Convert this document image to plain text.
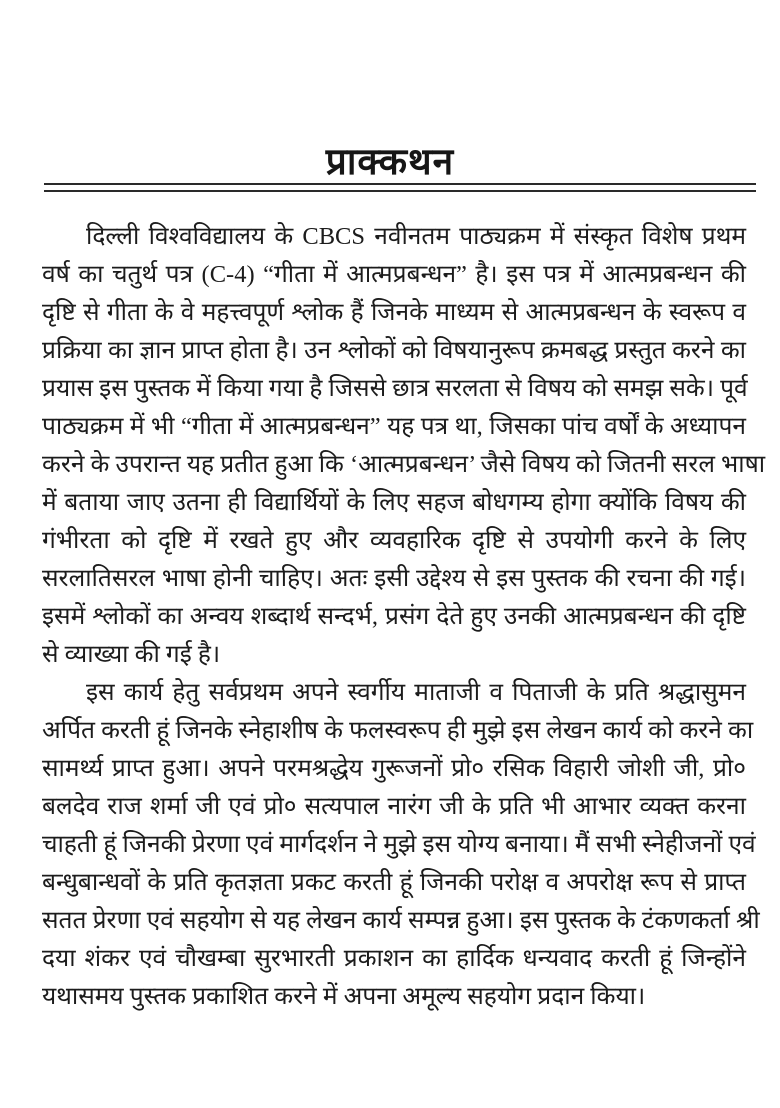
प्राक्कथन
दिल्ली विश्वविद्यालय के CBCS नवीनतम पाठ्यक्रम में संस्कृत विशेष प्रथम
वर्ष का चतुर्थ पत्र (C-4) “गीता में आत्मप्रबन्धन” है। इस पत्र में आत्मप्रबन्धन की
दृष्टि से गीता के वे महत्त्वपूर्ण श्लोक हैं जिनके माध्यम से आत्मप्रबन्धन के स्वरूप व
प्रक्रिया का ज्ञान प्राप्त होता है। उन श्लोकों को विषयानुरूप क्रमबद्ध प्रस्तुत करने का
प्रयास इस पुस्तक में किया गया है जिससे छात्र सरलता से विषय को समझ सके। पूर्व
पाठ्यक्रम में भी “गीता में आत्मप्रबन्धन” यह पत्र था, जिसका पांच वर्षों के अध्यापन
करने के उपरान्त यह प्रतीत हुआ कि ‘आत्मप्रबन्धन’ जैसे विषय को जितनी सरल भाषा
में बताया जाए उतना ही विद्यार्थियों के लिए सहज बोधगम्य होगा क्योंकि विषय की
गंभीरता को दृष्टि में रखते हुए और व्यवहारिक दृष्टि से उपयोगी करने के लिए
सरलातिसरल भाषा होनी चाहिए। अतः इसी उद्देश्य से इस पुस्तक की रचना की गई।
इसमें श्लोकों का अन्वय शब्दार्थ सन्दर्भ, प्रसंग देते हुए उनकी आत्मप्रबन्धन की दृष्टि
से व्याख्या की गई है।
इस कार्य हेतु सर्वप्रथम अपने स्वर्गीय माताजी व पिताजी के प्रति श्रद्धासुमन
अर्पित करती हूं जिनके स्नेहाशीष के फलस्वरूप ही मुझे इस लेखन कार्य को करने का
सामर्थ्य प्राप्त हुआ। अपने परमश्रद्धेय गुरूजनों प्रो० रसिक विहारी जोशी जी, प्रो०
बलदेव राज शर्मा जी एवं प्रो० सत्यपाल नारंग जी के प्रति भी आभार व्यक्त करना
चाहती हूं जिनकी प्रेरणा एवं मार्गदर्शन ने मुझे इस योग्य बनाया। मैं सभी स्नेहीजनों एवं
बन्धुबान्धवों के प्रति कृतज्ञता प्रकट करती हूं जिनकी परोक्ष व अपरोक्ष रूप से प्राप्त
सतत प्रेरणा एवं सहयोग से यह लेखन कार्य सम्पन्न हुआ। इस पुस्तक के टंकणकर्ता श्री
दया शंकर एवं चौखम्बा सुरभारती प्रकाशन का हार्दिक धन्यवाद करती हूं जिन्होंने
यथासमय पुस्तक प्रकाशित करने में अपना अमूल्य सहयोग प्रदान किया।
